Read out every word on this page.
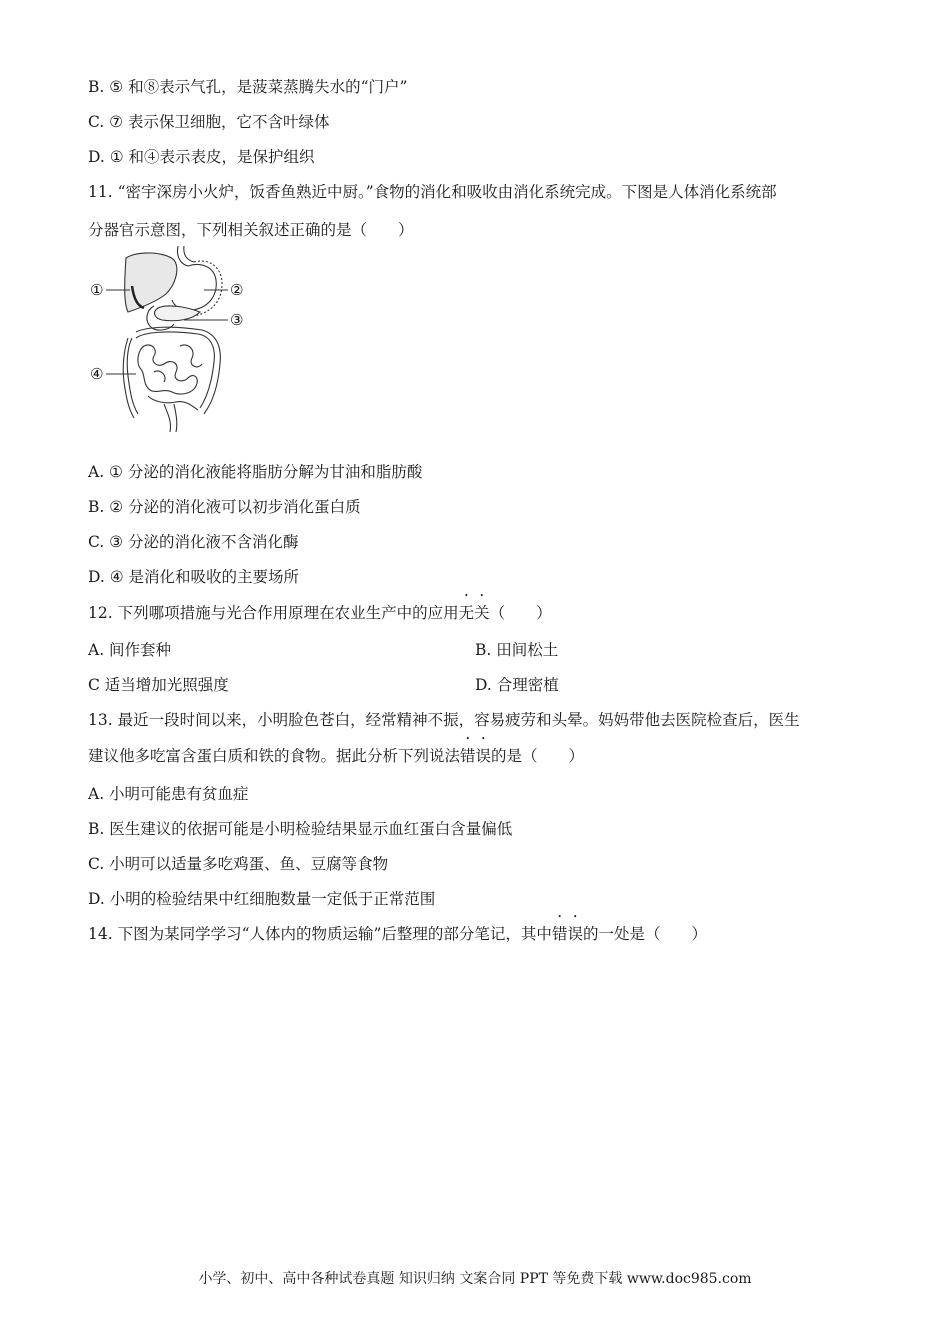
B. ⑤ 和⑧表示气孔，是菠菜蒸腾失水的“门户”
C. ⑦ 表示保卫细胞，它不含叶绿体
D. ① 和④表示表皮，是保护组织
11. “密宇深房小火炉，饭香鱼熟近中厨。”食物的消化和吸收由消化系统完成。下图是人体消化系统部
分器官示意图，下列相关叙述正确的是（　　）
①	②
③
④
A. ① 分泌的消化液能将脂肪分解为甘油和脂肪酸
B. ② 分泌的消化液可以初步消化蛋白质
C. ③ 分泌的消化液不含消化酶
D. ④ 是消化和吸收的主要场所
12. 下列哪项措施与光合作用原理在农业生产中的应用无关（　　）
A. 间作套种	B. 田间松土
C 适当增加光照强度	D. 合理密植
13. 最近一段时间以来，小明脸色苍白，经常精神不振，容易疲劳和头晕。妈妈带他去医院检查后，医生
建议他多吃富含蛋白质和铁的食物。据此分析下列说法错误的是（　　）
A. 小明可能患有贫血症
B. 医生建议的依据可能是小明检验结果显示血红蛋白含量偏低
C. 小明可以适量多吃鸡蛋、鱼、豆腐等食物
D. 小明的检验结果中红细胞数量一定低于正常范围
14. 下图为某同学学习“人体内的物质运输”后整理的部分笔记，其中错误的一处是（　　）
小学、初中、高中各种试卷真题 知识归纳 文案合同 PPT 等免费下载 www.doc985.com
